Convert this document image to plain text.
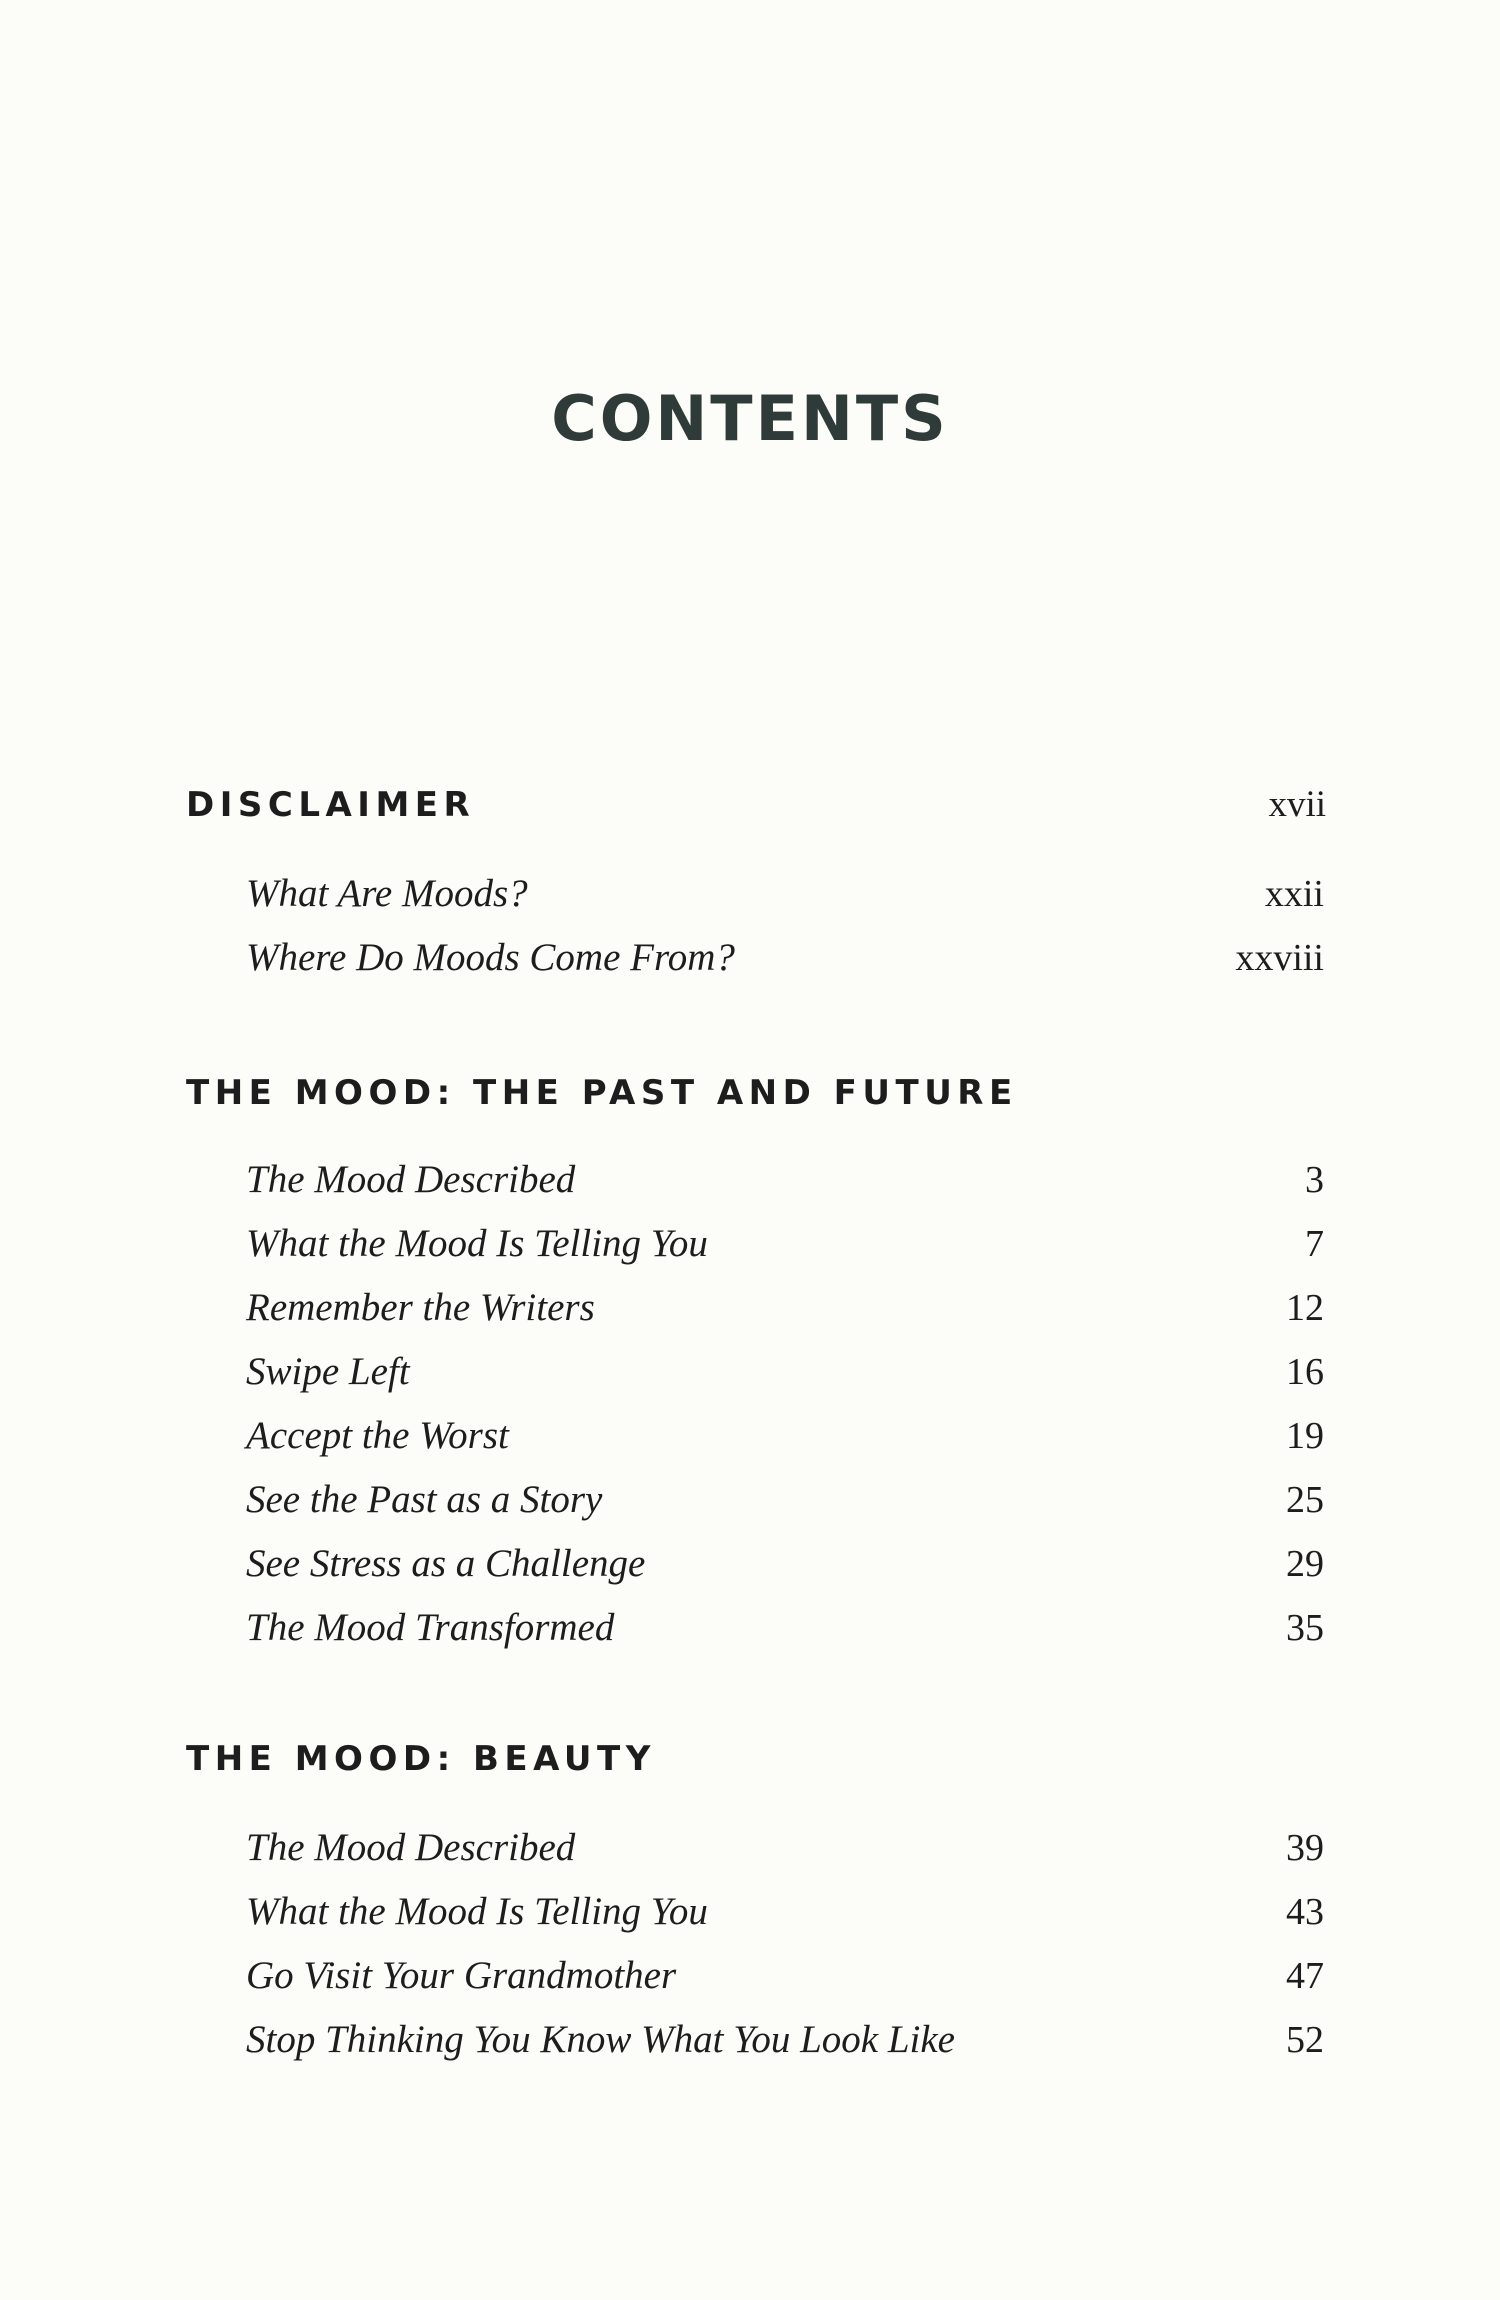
CONTENTS
DISCLAIMER	xvii
What Are Moods?	xxii
Where Do Moods Come From?	xxviii
THE MOOD: THE PAST AND FUTURE
The Mood Described	3
What the Mood Is Telling You	7
Remember the Writers	12
Swipe Left	16
Accept the Worst	19
See the Past as a Story	25
See Stress as a Challenge	29
The Mood Transformed	35
THE MOOD: BEAUTY
The Mood Described	39
What the Mood Is Telling You	43
Go Visit Your Grandmother	47
Stop Thinking You Know What You Look Like	52
